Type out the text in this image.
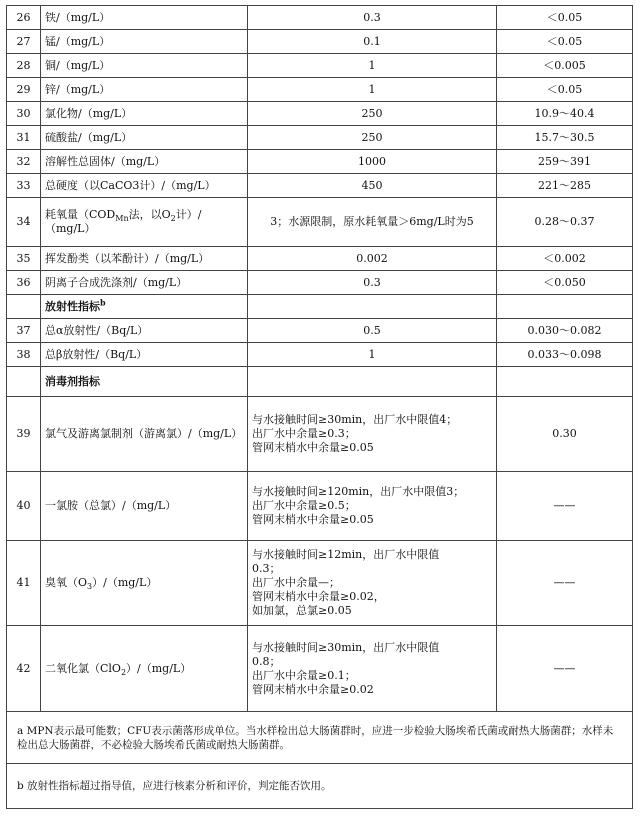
26	铁/（mg/L）	0.3	＜0.05
27	锰/（mg/L）	0.1	＜0.05
28	铜/（mg/L）	1	＜0.005
29	锌/（mg/L）	1	＜0.05
30	氯化物/（mg/L）	250	10.9～40.4
31	硫酸盐/（mg/L）	250	15.7～30.5
32	溶解性总固体/（mg/L）	1000	259～391
33	总硬度（以CaCO3计）/（mg/L）	450	221～285
34	耗氧量（$COD_{Mn}$法，以$O_2$计）/（mg/L）	3；水源限制，原水耗氧量＞6mg/L时为5	0.28～0.37
35	挥发酚类（以苯酚计）/（mg/L）	0.002	＜0.002
36	阴离子合成洗涤剂/（mg/L）	0.3	＜0.050
	放射性指标$^b$		
37	总α放射性/（Bq/L）	0.5	0.030～0.082
38	总β放射性/（Bq/L）	1	0.033～0.098
	消毒剂指标		
39	氯气及游离氯制剂（游离氯）/（mg/L）	与水接触时间≥30min，出厂水中限值4；
出厂水中余量≥0.3；
管网末梢水中余量≥0.05	0.30
40	一氯胺（总氯）/（mg/L）	与水接触时间≥120min，出厂水中限值3；
出厂水中余量≥0.5；
管网末梢水中余量≥0.05	——
41	臭氧$(O_3)/(mg/L)$	与水接触时间≥12min，出厂水中限值
0.3；
出厂水中余量—；
管网末梢水中余量≥0.02，
如加氯，总氯≥0.05	——
42	二氧化氯（ClO$_2$）/（mg/L）	与水接触时间≥30min，出厂水中限值
0.8；
出厂水中余量≥0.1；
管网末梢水中余量≥0.02	——
a MPN表示最可能数；CFU表示菌落形成单位。当水样检出总大肠菌群时，应进一步检验大肠埃希氏菌或耐热大肠菌群；水样未检出总大肠菌群，不必检验大肠埃希氏菌或耐热大肠菌群。			
b 放射性指标超过指导值，应进行核素分析和评价，判定能否饮用。			
